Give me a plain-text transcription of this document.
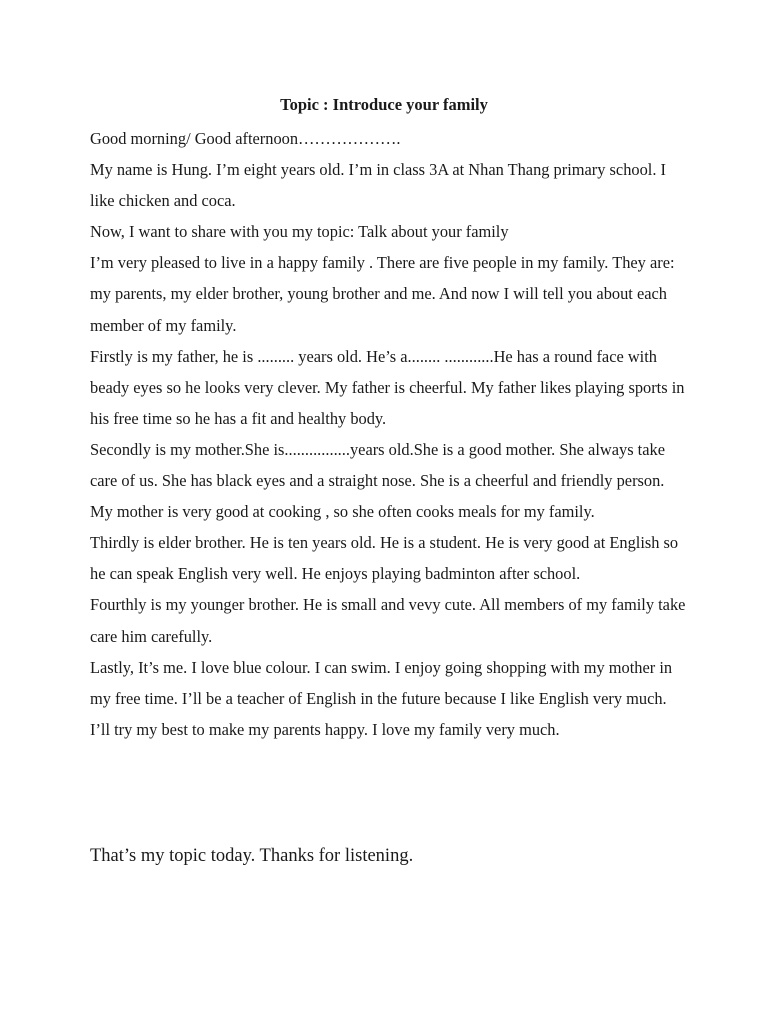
Topic : Introduce your family

Good morning/ Good afternoon……………….

My name is Hung. I’m eight years old. I’m in class 3A at Nhan Thang primary school. I like chicken and coca.

Now, I want to share with you my topic: Talk about your family

I’m very pleased to live in a happy family . There are five people in my family. They are: my parents, my elder brother, young brother and me. And now I will tell you about each member of my family.

Firstly is my father, he is ......... years old. He’s a........ ............He has a round face with beady eyes so he looks very clever. My father is cheerful. My father likes playing sports in his free time so he has a fit and healthy body.

Secondly is my mother.She is................years old.She is a good mother. She always take care of us. She has black eyes and a straight nose. She is a cheerful and friendly person. My mother is very good at cooking , so she often cooks meals for my family.

Thirdly is elder brother. He is ten years old. He is a student. He is very good at English so he can speak English very well. He enjoys playing badminton after school.

Fourthly is my younger brother. He is small and vevy cute. All members of my family take care him carefully.

Lastly, It’s me. I love blue colour. I can swim. I enjoy going shopping with my mother in my free time. I’ll be a teacher of English in the future because I like English very much. I’ll try my best to make my parents happy. I love my family very much.

That’s my topic today. Thanks for listening.
